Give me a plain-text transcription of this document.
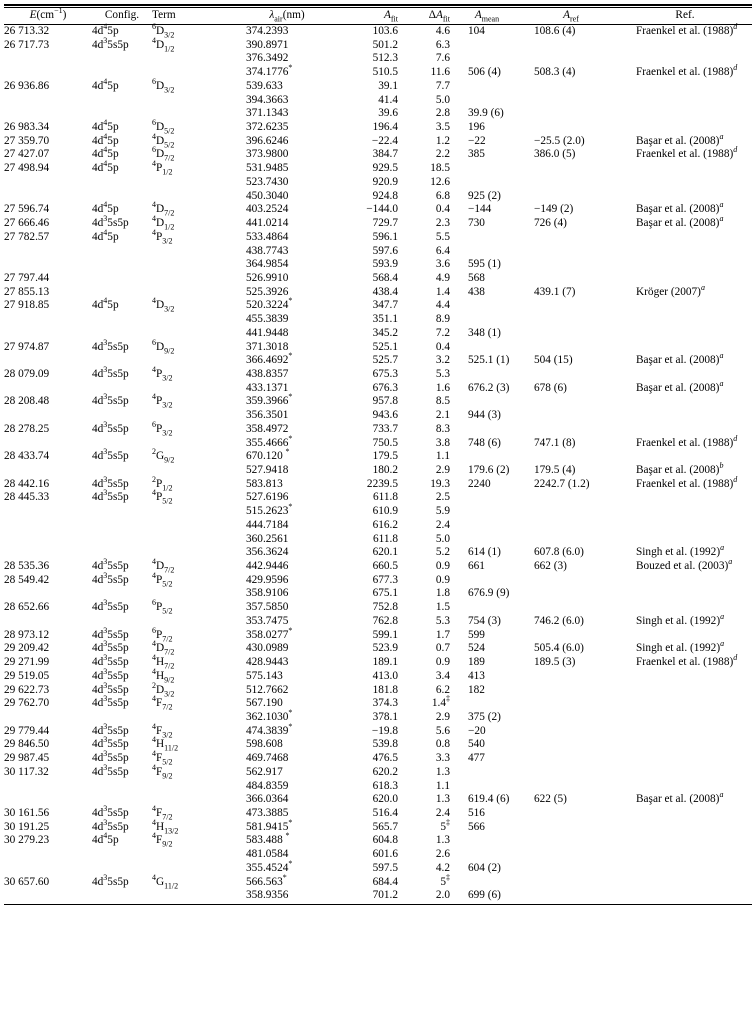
$E(cm^{-1})$	Config.	Term	$\lambda_{air}(nm)$	$A_{fit}$	$\Delta A_{fit}$	$A_{mean}$	$A_{ref}$	Ref.
26 713.32	$4d^45p$	$^6D_{3/2}$	374.2393	103.6	4.6	104	108.6 (4)	Fraenkel et al. $(1988)^d$
26 717.73	$4d^35s5p$	$^4D_{1/2}$	390.8971	501.2	6.3			
			376.3492	512.3	7.6			
			374.1776*	510.5	11.6	506 (4)	508.3 (4)	Fraenkel et al. $(1988)^d$
26 936.86	$4d^45p$	$^6D_{3/2}$	539.633	39.1	7.7			
			394.3663	41.4	5.0			
			371.1343	39.6	2.8	39.9 (6)		
26 983.34	$4d^45p$	$^6D_{5/2}$	372.6235	196.4	3.5	196		
27 359.70	$4d^45p$	$^4D_{5/2}$	396.6246	−22.4	1.2	−22	−25.5 (2.0)	Başar et al. $(2008)^a$
27 427.07	$4d^45p$	$^6D_{7/2}$	373.9800	384.7	2.2	385	386.0 (5)	Fraenkel et al. $(1988)^d$
27 498.94	$4d^45p$	$^4P_{1/2}$	531.9485	929.5	18.5			
			523.7430	920.9	12.6			
			450.3040	924.8	6.8	925 (2)		
27 596.74	$4d^45p$	$^4D_{7/2}$	403.2524	−144.0	0.4	−144	−149 (2)	Başar et al. $(2008)^a$
27 666.46	$4d^35s5p$	$^4D_{1/2}$	441.0214	729.7	2.3	730	726 (4)	Başar et al. $(2008)^a$
27 782.57	$4d^45p$	$^4P_{3/2}$	533.4864	596.1	5.5			
			438.7743	597.6	6.4			
			364.9854	593.9	3.6	595 (1)		
27 797.44			526.9910	568.4	4.9	568		
27 855.13			525.3926	438.4	1.4	438	439.1 (7)	Kröger $(2007)^a$
27 918.85	$4d^45p$	$^4D_{3/2}$	520.3224*	347.7	4.4			
			455.3839	351.1	8.9			
			441.9448	345.2	7.2	348 (1)		
27 974.87	$4d^35s5p$	$^6D_{9/2}$	371.3018	525.1	0.4			
			366.4692*	525.7	3.2	525.1 (1)	504 (15)	Başar et al. $(2008)^a$
28 079.09	$4d^35s5p$	$^4P_{3/2}$	438.8357	675.3	5.3			
			433.1371	676.3	1.6	676.2 (3)	678 (6)	Başar et al. $(2008)^a$
28 208.48	$4d^35s5p$	$^4P_{3/2}$	359.3966*	957.8	8.5			
			356.3501	943.6	2.1	944 (3)		
28 278.25	$4d^35s5p$	$^6P_{3/2}$	358.4972	733.7	8.3			
			355.4666*	750.5	3.8	748 (6)	747.1 (8)	Fraenkel et al. $(1988)^d$
28 433.74	$4d^35s5p$	$^2G_{9/2}$	670.120 *	179.5	1.1			
			527.9418	180.2	2.9	179.6 (2)	179.5 (4)	Başar et al. $(2008)^b$
28 442.16	$4d^35s5p$	$^2P_{1/2}$	583.813	2239.5	19.3	2240	2242.7 (1.2)	Fraenkel et al. $(1988)^d$
28 445.33	$4d^35s5p$	$^4P_{5/2}$	527.6196	611.8	2.5			
			515.2623*	610.9	5.9			
			444.7184	616.2	2.4			
			360.2561	611.8	5.0			
			356.3624	620.1	5.2	614 (1)	607.8 (6.0)	Singh et al. $(1992)^a$
28 535.36	$4d^35s5p$	$^4D_{7/2}$	442.9446	660.5	0.9	661	662 (3)	Bouzed et al. $(2003)^a$
28 549.42	$4d^35s5p$	$^4P_{5/2}$	429.9596	677.3	0.9			
			358.9106	675.1	1.8	676.9 (9)		
28 652.66	$4d^35s5p$	$^6P_{5/2}$	357.5850	752.8	1.5			
			353.7475	762.8	5.3	754 (3)	746.2 (6.0)	Singh et al. $(1992)^a$
28 973.12	$4d^35s5p$	$^6P_{7/2}$	358.0277*	599.1	1.7	599		
29 209.42	$4d^35s5p$	$^4D_{7/2}$	430.0989	523.9	0.7	524	505.4 (6.0)	Singh et al. $(1992)^a$
29 271.99	$4d^35s5p$	$^4H_{7/2}$	428.9443	189.1	0.9	189	189.5 (3)	Fraenkel et al. $(1988)^d$
29 519.05	$4d^35s5p$	$^4H_{9/2}$	575.143	413.0	3.4	413		
29 622.73	$4d^35s5p$	$^2D_{3/2}$	512.7662	181.8	6.2	182		
29 762.70	$4d^35s5p$	$^4F_{7/2}$	567.190	374.3	1.4‡			
			362.1030*	378.1	2.9	375 (2)		
29 779.44	$4d^35s5p$	$^4F_{3/2}$	474.3839*	−19.8	5.6	−20		
29 846.50	$4d^35s5p$	$^4H_{11/2}$	598.608	539.8	0.8	540		
29 987.45	$4d^35s5p$	$^4F_{5/2}$	469.7468	476.5	3.3	477		
30 117.32	$4d^35s5p$	$^4F_{9/2}$	562.917	620.2	1.3			
			484.8359	618.3	1.1			
			366.0364	620.0	1.3	619.4 (6)	622 (5)	Başar et al. $(2008)^a$
30 161.56	$4d^35s5p$	$^4F_{7/2}$	473.3885	516.4	2.4	516		
30 191.25	$4d^35s5p$	$^4H_{13/2}$	581.9415*	565.7	5‡	566		
30 279.23	$4d^45p$	$^4F_{9/2}$	583.488 *	604.8	1.3			
			481.0584	601.6	2.6			
			355.4524*	597.5	4.2	604 (2)		
30 657.60	$4d^35s5p$	$^4G_{11/2}$	566.563*	684.4	5‡			
			358.9356	701.2	2.0	699 (6)		
